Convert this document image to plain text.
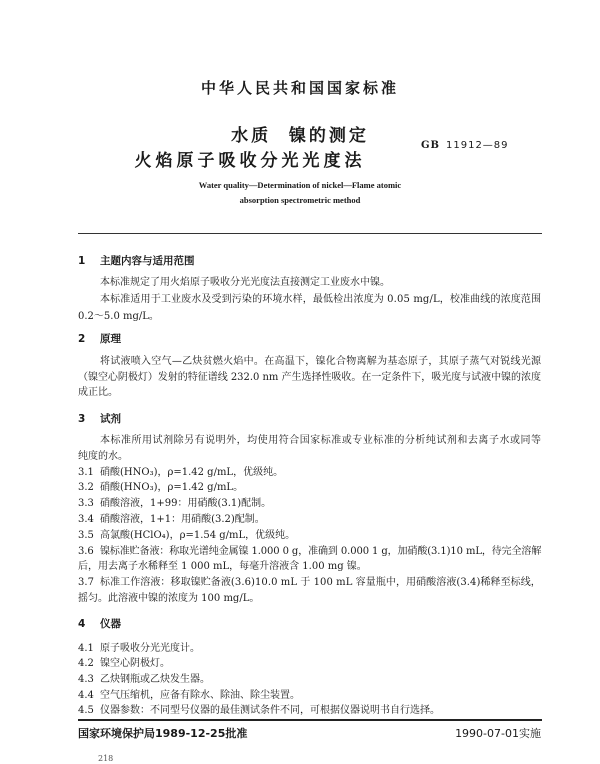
中华人民共和国国家标准
水质  镍的测定
火焰原子吸收分光光度法
GB 11912—89
Water quality—Determination of nickel—Flame atomic
absorption spectrometric method
1 主题内容与适用范围
本标准规定了用火焰原子吸收分光光度法直接测定工业废水中镍。
本标准适用于工业废水及受到污染的环境水样，最低检出浓度为 0.05 mg/L，校准曲线的浓度范围
0.2～5.0 mg/L。
2 原理
将试液喷入空气—乙炔贫燃火焰中。在高温下，镍化合物离解为基态原子，其原子蒸气对锐线光源
（镍空心阴极灯）发射的特征谱线 232.0 nm 产生选择性吸收。在一定条件下，吸光度与试液中镍的浓度
成正比。
3 试剂
本标准所用试剂除另有说明外，均使用符合国家标准或专业标准的分析纯试剂和去离子水或同等
纯度的水。
3.1 硝酸(HNO₃)，ρ=1.42 g/mL，优级纯。
3.2 硝酸(HNO₃)，ρ=1.42 g/mL。
3.3 硝酸溶液，1+99：用硝酸(3.1)配制。
3.4 硝酸溶液，1+1：用硝酸(3.2)配制。
3.5 高氯酸(HClO₄)，ρ=1.54 g/mL，优级纯。
3.6 镍标准贮备液：称取光谱纯金属镍 1.000 0 g，准确到 0.000 1 g，加硝酸(3.1)10 mL，待完全溶解
后，用去离子水稀释至 1 000 mL，每毫升溶液含 1.00 mg 镍。
3.7 标准工作溶液：移取镍贮备液(3.6)10.0 mL 于 100 mL 容量瓶中，用硝酸溶液(3.4)稀释至标线，
摇匀。此溶液中镍的浓度为 100 mg/L。
4 仪器
4.1 原子吸收分光光度计。
4.2 镍空心阴极灯。
4.3 乙炔钢瓶或乙炔发生器。
4.4 空气压缩机，应备有除水、除油、除尘装置。
4.5 仪器参数：不同型号仪器的最佳测试条件不同，可根据仪器说明书自行选择。
国家环境保护局1989-12-25批准	1990-07-01实施
218
